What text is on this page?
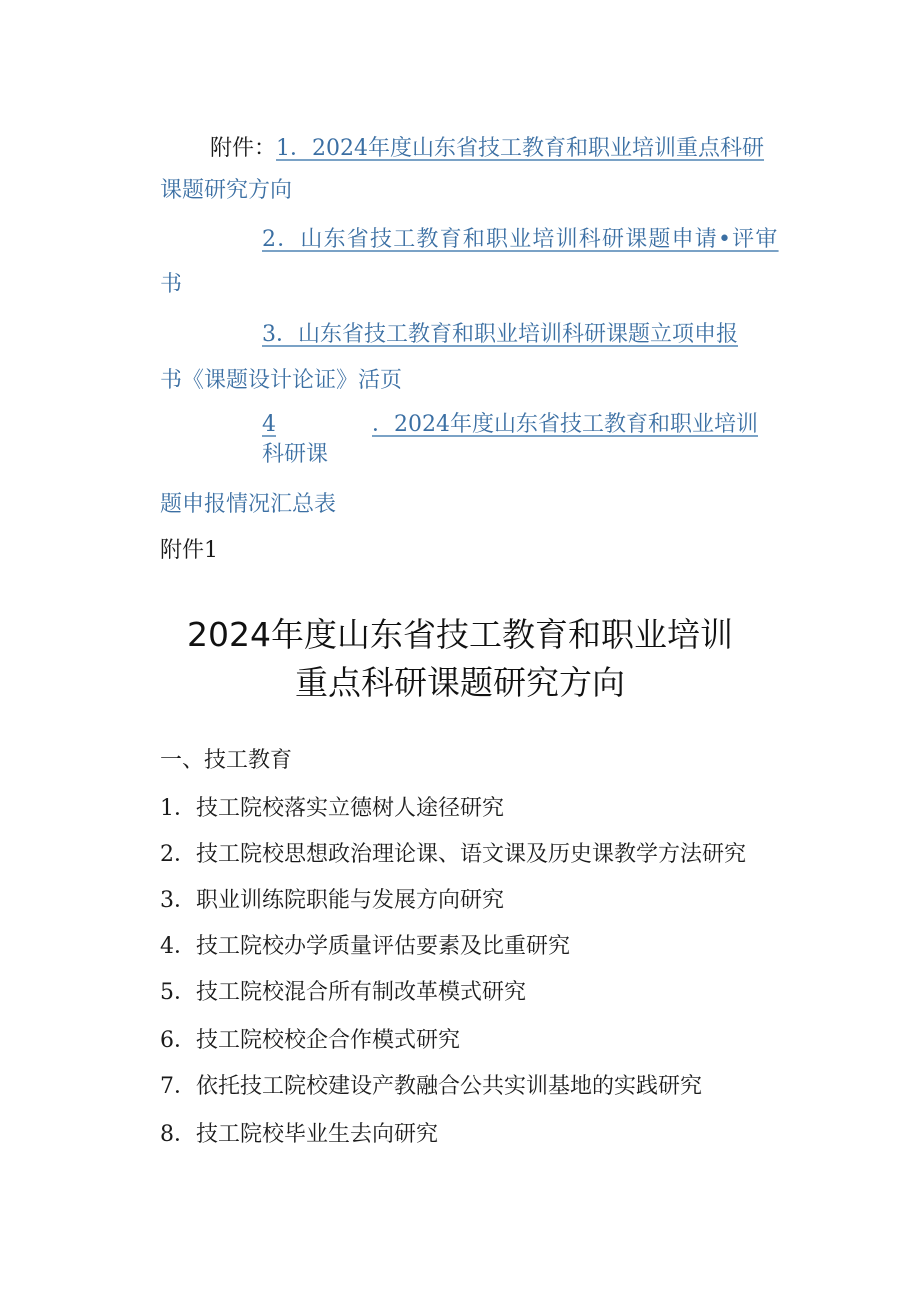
附件：1．2024年度山东省技工教育和职业培训重点科研
课题研究方向
2．山东省技工教育和职业培训科研课题申请•评审
书
3．山东省技工教育和职业培训科研课题立项申报
书《课题设计论证》活页
4	．2024年度山东省技工教育和职业培训
科研课
题申报情况汇总表
附件1
2024年度山东省技工教育和职业培训
重点科研课题研究方向
一、技工教育
1．技工院校落实立德树人途径研究
2．技工院校思想政治理论课、语文课及历史课教学方法研究
3．职业训练院职能与发展方向研究
4．技工院校办学质量评估要素及比重研究
5．技工院校混合所有制改革模式研究
6．技工院校校企合作模式研究
7．依托技工院校建设产教融合公共实训基地的实践研究
8．技工院校毕业生去向研究
